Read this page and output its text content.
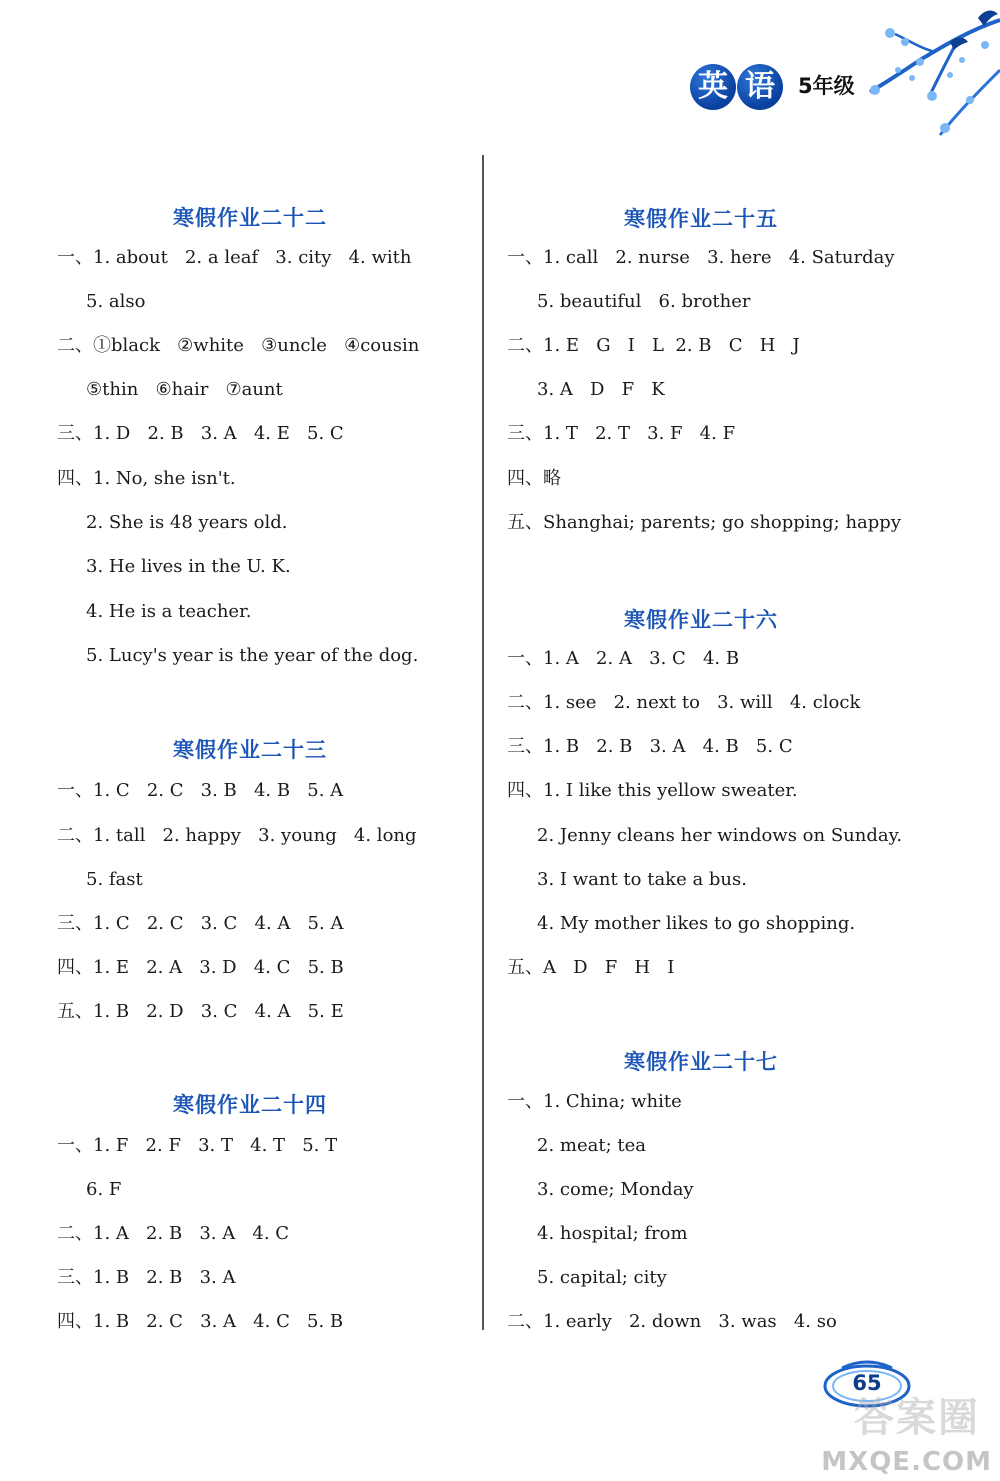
英 语	5年级
寒假作业二十二
一、1. about   2. a leaf   3. city   4. with
5. also
二、①black   ②white   ③uncle   ④cousin
⑤thin   ⑥hair   ⑦aunt
三、1. D   2. B   3. A   4. E   5. C
四、1. No, she isn't.
2. She is 48 years old.
3. He lives in the U. K.
4. He is a teacher.
5. Lucy's year is the year of the dog.
寒假作业二十三
一、1. C   2. C   3. B   4. B   5. A
二、1. tall   2. happy   3. young   4. long
5. fast
三、1. C   2. C   3. C   4. A   5. A
四、1. E   2. A   3. D   4. C   5. B
五、1. B   2. D   3. C   4. A   5. E
寒假作业二十四
一、1. F   2. F   3. T   4. T   5. T
6. F
二、1. A   2. B   3. A   4. C
三、1. B   2. B   3. A
四、1. B   2. C   3. A   4. C   5. B
寒假作业二十五
一、1. call   2. nurse   3. here   4. Saturday
5. beautiful   6. brother
二、1. E   G   I   L  2. B   C   H   J
3. A   D   F   K
三、1. T   2. T   3. F   4. F
四、略
五、Shanghai; parents; go shopping; happy
寒假作业二十六
一、1. A   2. A   3. C   4. B
二、1. see   2. next to   3. will   4. clock
三、1. B   2. B   3. A   4. B   5. C
四、1. I like this yellow sweater.
2. Jenny cleans her windows on Sunday.
3. I want to take a bus.
4. My mother likes to go shopping.
五、A   D   F   H   I
寒假作业二十七
一、1. China; white
2. meat; tea
3. come; Monday
4. hospital; from
5. capital; city
二、1. early   2. down   3. was   4. so
65
答案圈
MXQE.COM
